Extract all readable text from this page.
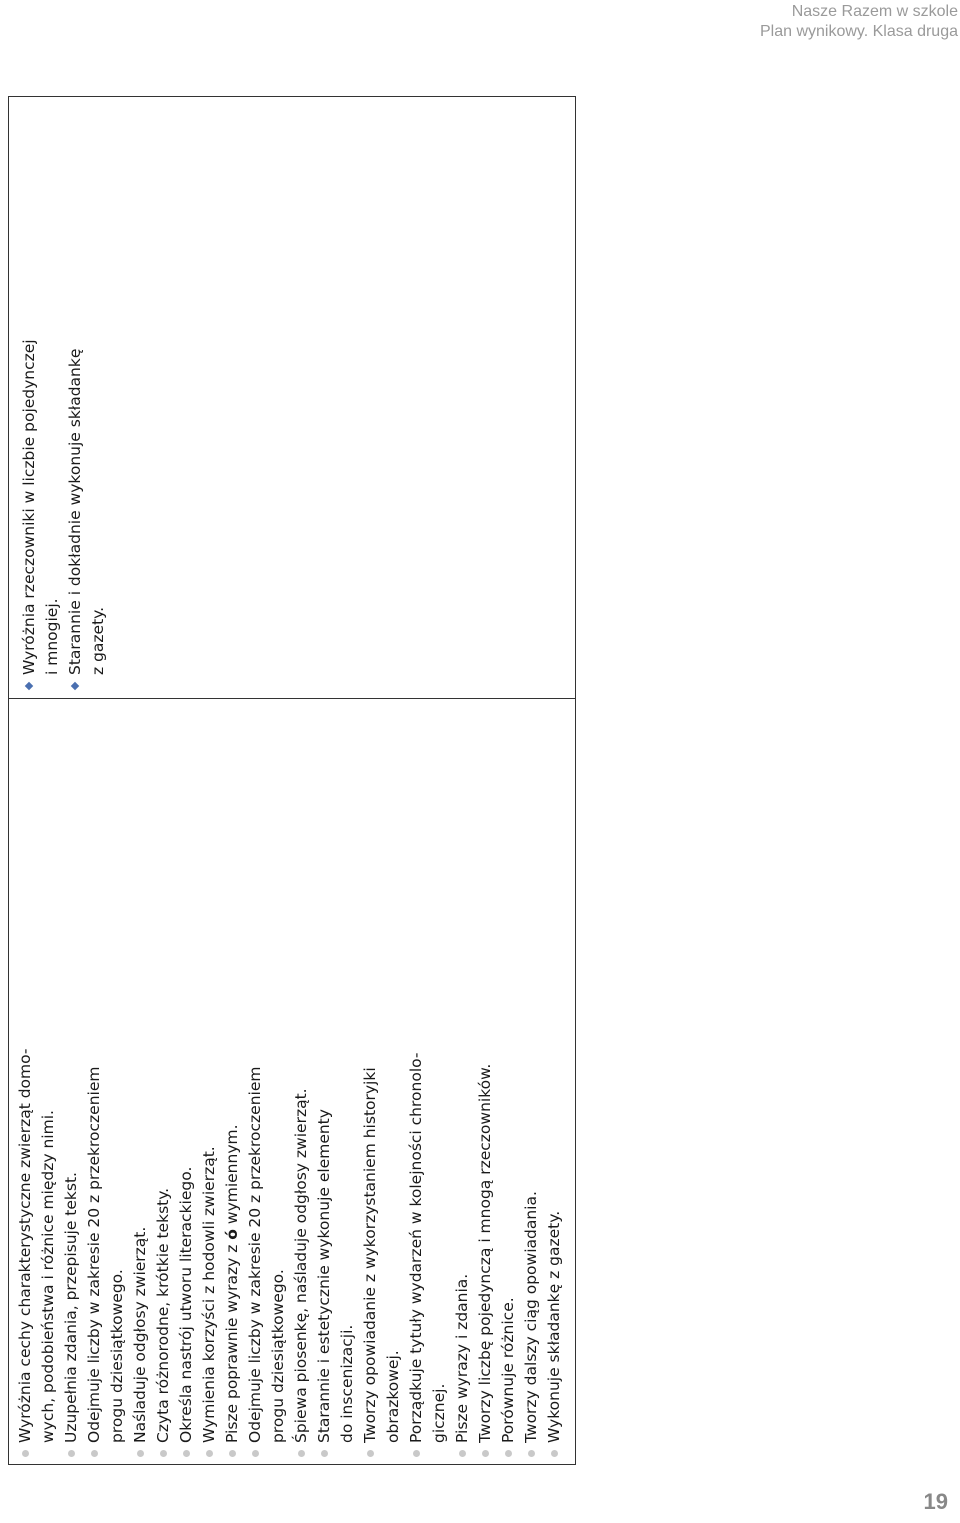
Nasze Razem w szkole
Plan wynikowy. Klasa druga
Wyróżnia cechy charakterystyczne zwierząt domo- wych, podobieństwa i różnice między nimi. Uzupełnia zdania, przepisuje tekst. Odejmuje liczby w zakresie 20 z przekroczeniem progu dziesiątkowego. Naśladuje odgłosy zwierząt. Czyta różnorodne, krótkie teksty. Określa nastrój utworu literackiego. Wymienia korzyści z hodowli zwierząt. Pisze poprawnie wyrazy z ó wymiennym. Odejmuje liczby w zakresie 20 z przekroczeniem progu dziesiątkowego. Śpiewa piosenkę, naśladuje odgłosy zwierząt. Starannie i estetycznie wykonuje elementy do inscenizacji. Tworzy opowiadanie z wykorzystaniem historyjki obrazkowej. Porządkuje tytuły wydarzeń w kolejności chronolo- gicznej. Pisze wyrazy i zdania. Tworzy liczbę pojedynczą i mnogą rzeczowników. Porównuje różnice. Tworzy dalszy ciąg opowiadania. Wykonuje składankę z gazety.
Wyróżnia rzeczowniki w liczbie pojedynczej i mnogiej. Starannie i dokładnie wykonuje składankę z gazety.
19
